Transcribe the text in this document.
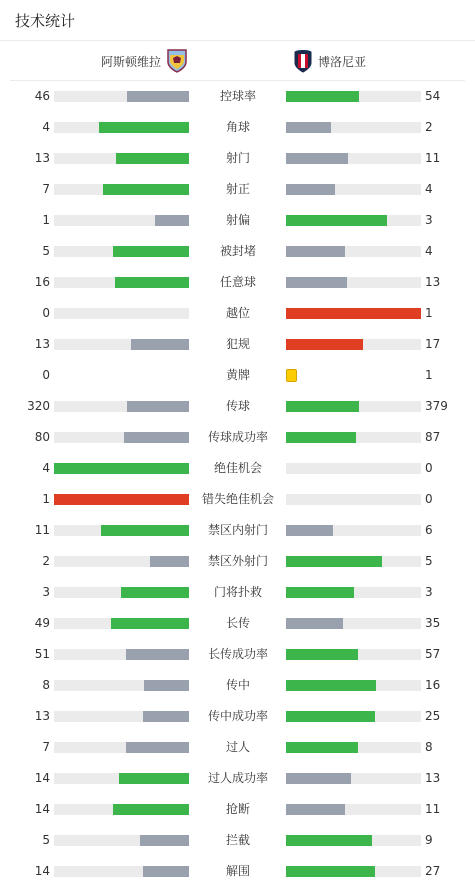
技术统计
阿斯顿维拉	博洛尼亚
46	控球率	54
4	角球	2
13	射门	11
7	射正	4
1	射偏	3
5	被封堵	4
16	任意球	13
0	越位	1
13	犯规	17
0	黄牌	1
320	传球	379
80	传球成功率	87
4	绝佳机会	0
1	错失绝佳机会	0
11	禁区内射门	6
2	禁区外射门	5
3	门将扑救	3
49	长传	35
51	长传成功率	57
8	传中	16
13	传中成功率	25
7	过人	8
14	过人成功率	13
14	抢断	11
5	拦截	9
14	解围	27
